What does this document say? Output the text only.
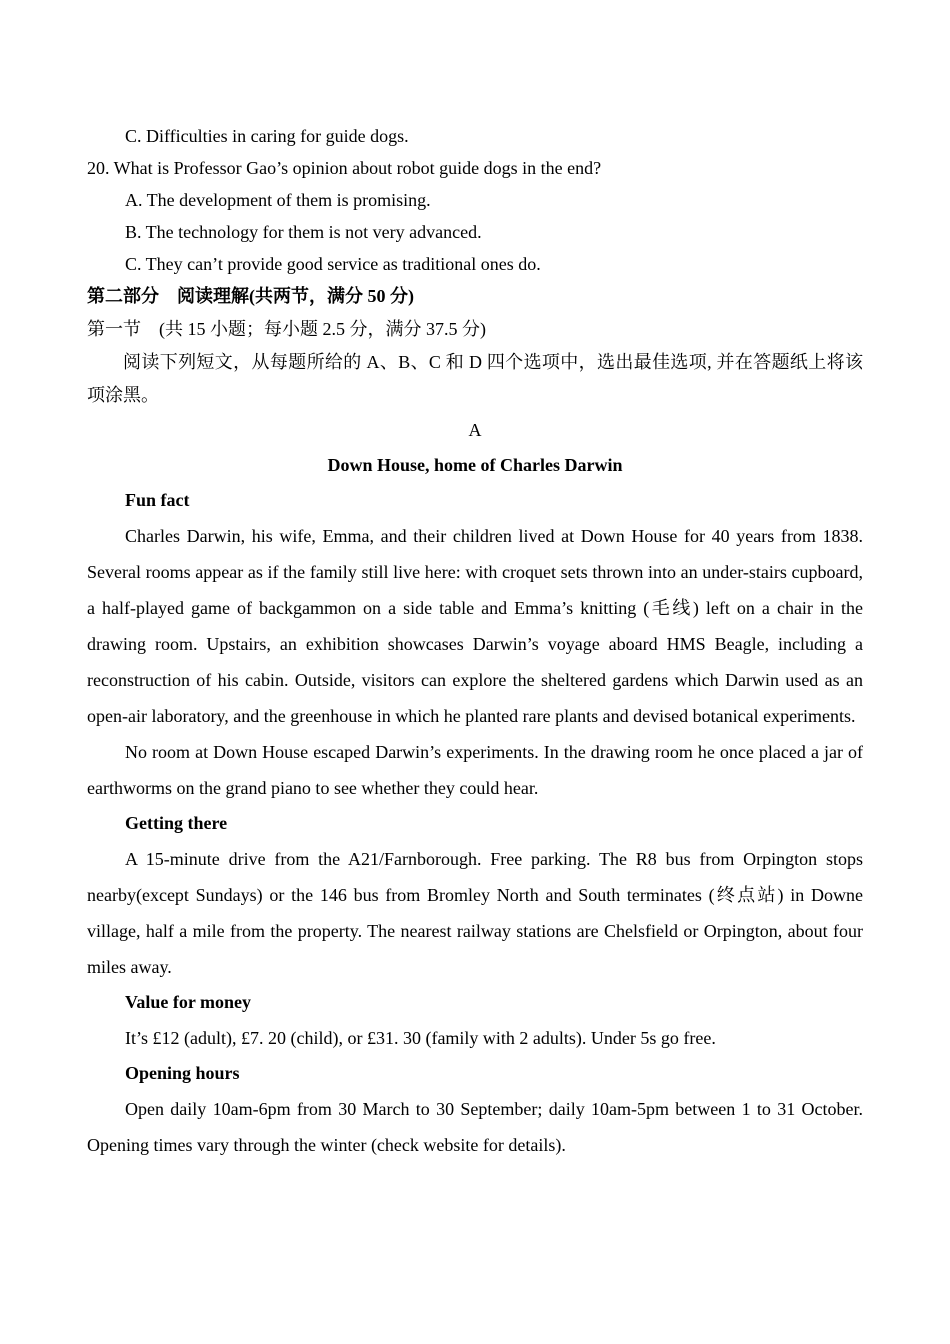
C. Difficulties in caring for guide dogs.
20. What is Professor Gao’s opinion about robot guide dogs in the end?
A. The development of them is promising.
B. The technology for them is not very advanced.
C. They can’t provide good service as traditional ones do.
第二部分　阅读理解(共两节，满分 50 分)
第一节　(共 15 小题；每小题 2.5 分，满分 37.5 分)
阅读下列短文，从每题所给的 A、B、C 和 D 四个选项中，选出最佳选项, 并在答题纸上将该项涂黑。
A
Down House, home of Charles Darwin
Fun fact
Charles Darwin, his wife, Emma, and their children lived at Down House for 40 years from 1838. Several rooms appear as if the family still live here: with croquet sets thrown into an under-stairs cupboard, a half-played game of backgammon on a side table and Emma’s knitting (毛线) left on a chair in the drawing room. Upstairs, an exhibition showcases Darwin’s voyage aboard HMS Beagle, including a reconstruction of his cabin. Outside, visitors can explore the sheltered gardens which Darwin used as an open-air laboratory, and the greenhouse in which he planted rare plants and devised botanical experiments.
No room at Down House escaped Darwin’s experiments. In the drawing room he once placed a jar of earthworms on the grand piano to see whether they could hear.
Getting there
A 15-minute drive from the A21/Farnborough. Free parking. The R8 bus from Orpington stops nearby(except Sundays) or the 146 bus from Bromley North and South terminates (终点站) in Downe village, half a mile from the property. The nearest railway stations are Chelsfield or Orpington, about four miles away.
Value for money
It’s £12 (adult), £7. 20 (child), or £31. 30 (family with 2 adults). Under 5s go free.
Opening hours
Open daily 10am-6pm from 30 March to 30 September; daily 10am-5pm between 1 to 31 October. Opening times vary through the winter (check website for details).
